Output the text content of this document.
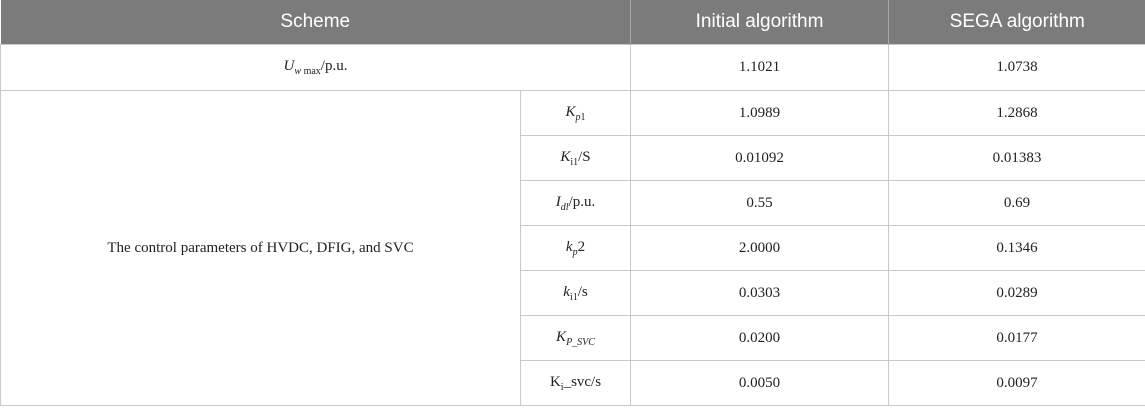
Scheme		Initial algorithm	SEGA algorithm
$U_{w max}/p.u$.		1.1021	1.0738
The control parameters of HVDC, DFIG, and SVC	$K_{p1}$	1.0989	1.2868
	$K_{i1}/S$	0.01092	0.01383
	$I_{dl}/p.u$.	0.55	0.69
	$k_p2$	2.0000	0.1346
	$k_{i1}/s$	0.0303	0.0289
	$K_{P\_SVC}$	0.0200	0.0177
	$K_i\_svc/s$	0.0050	0.0097
